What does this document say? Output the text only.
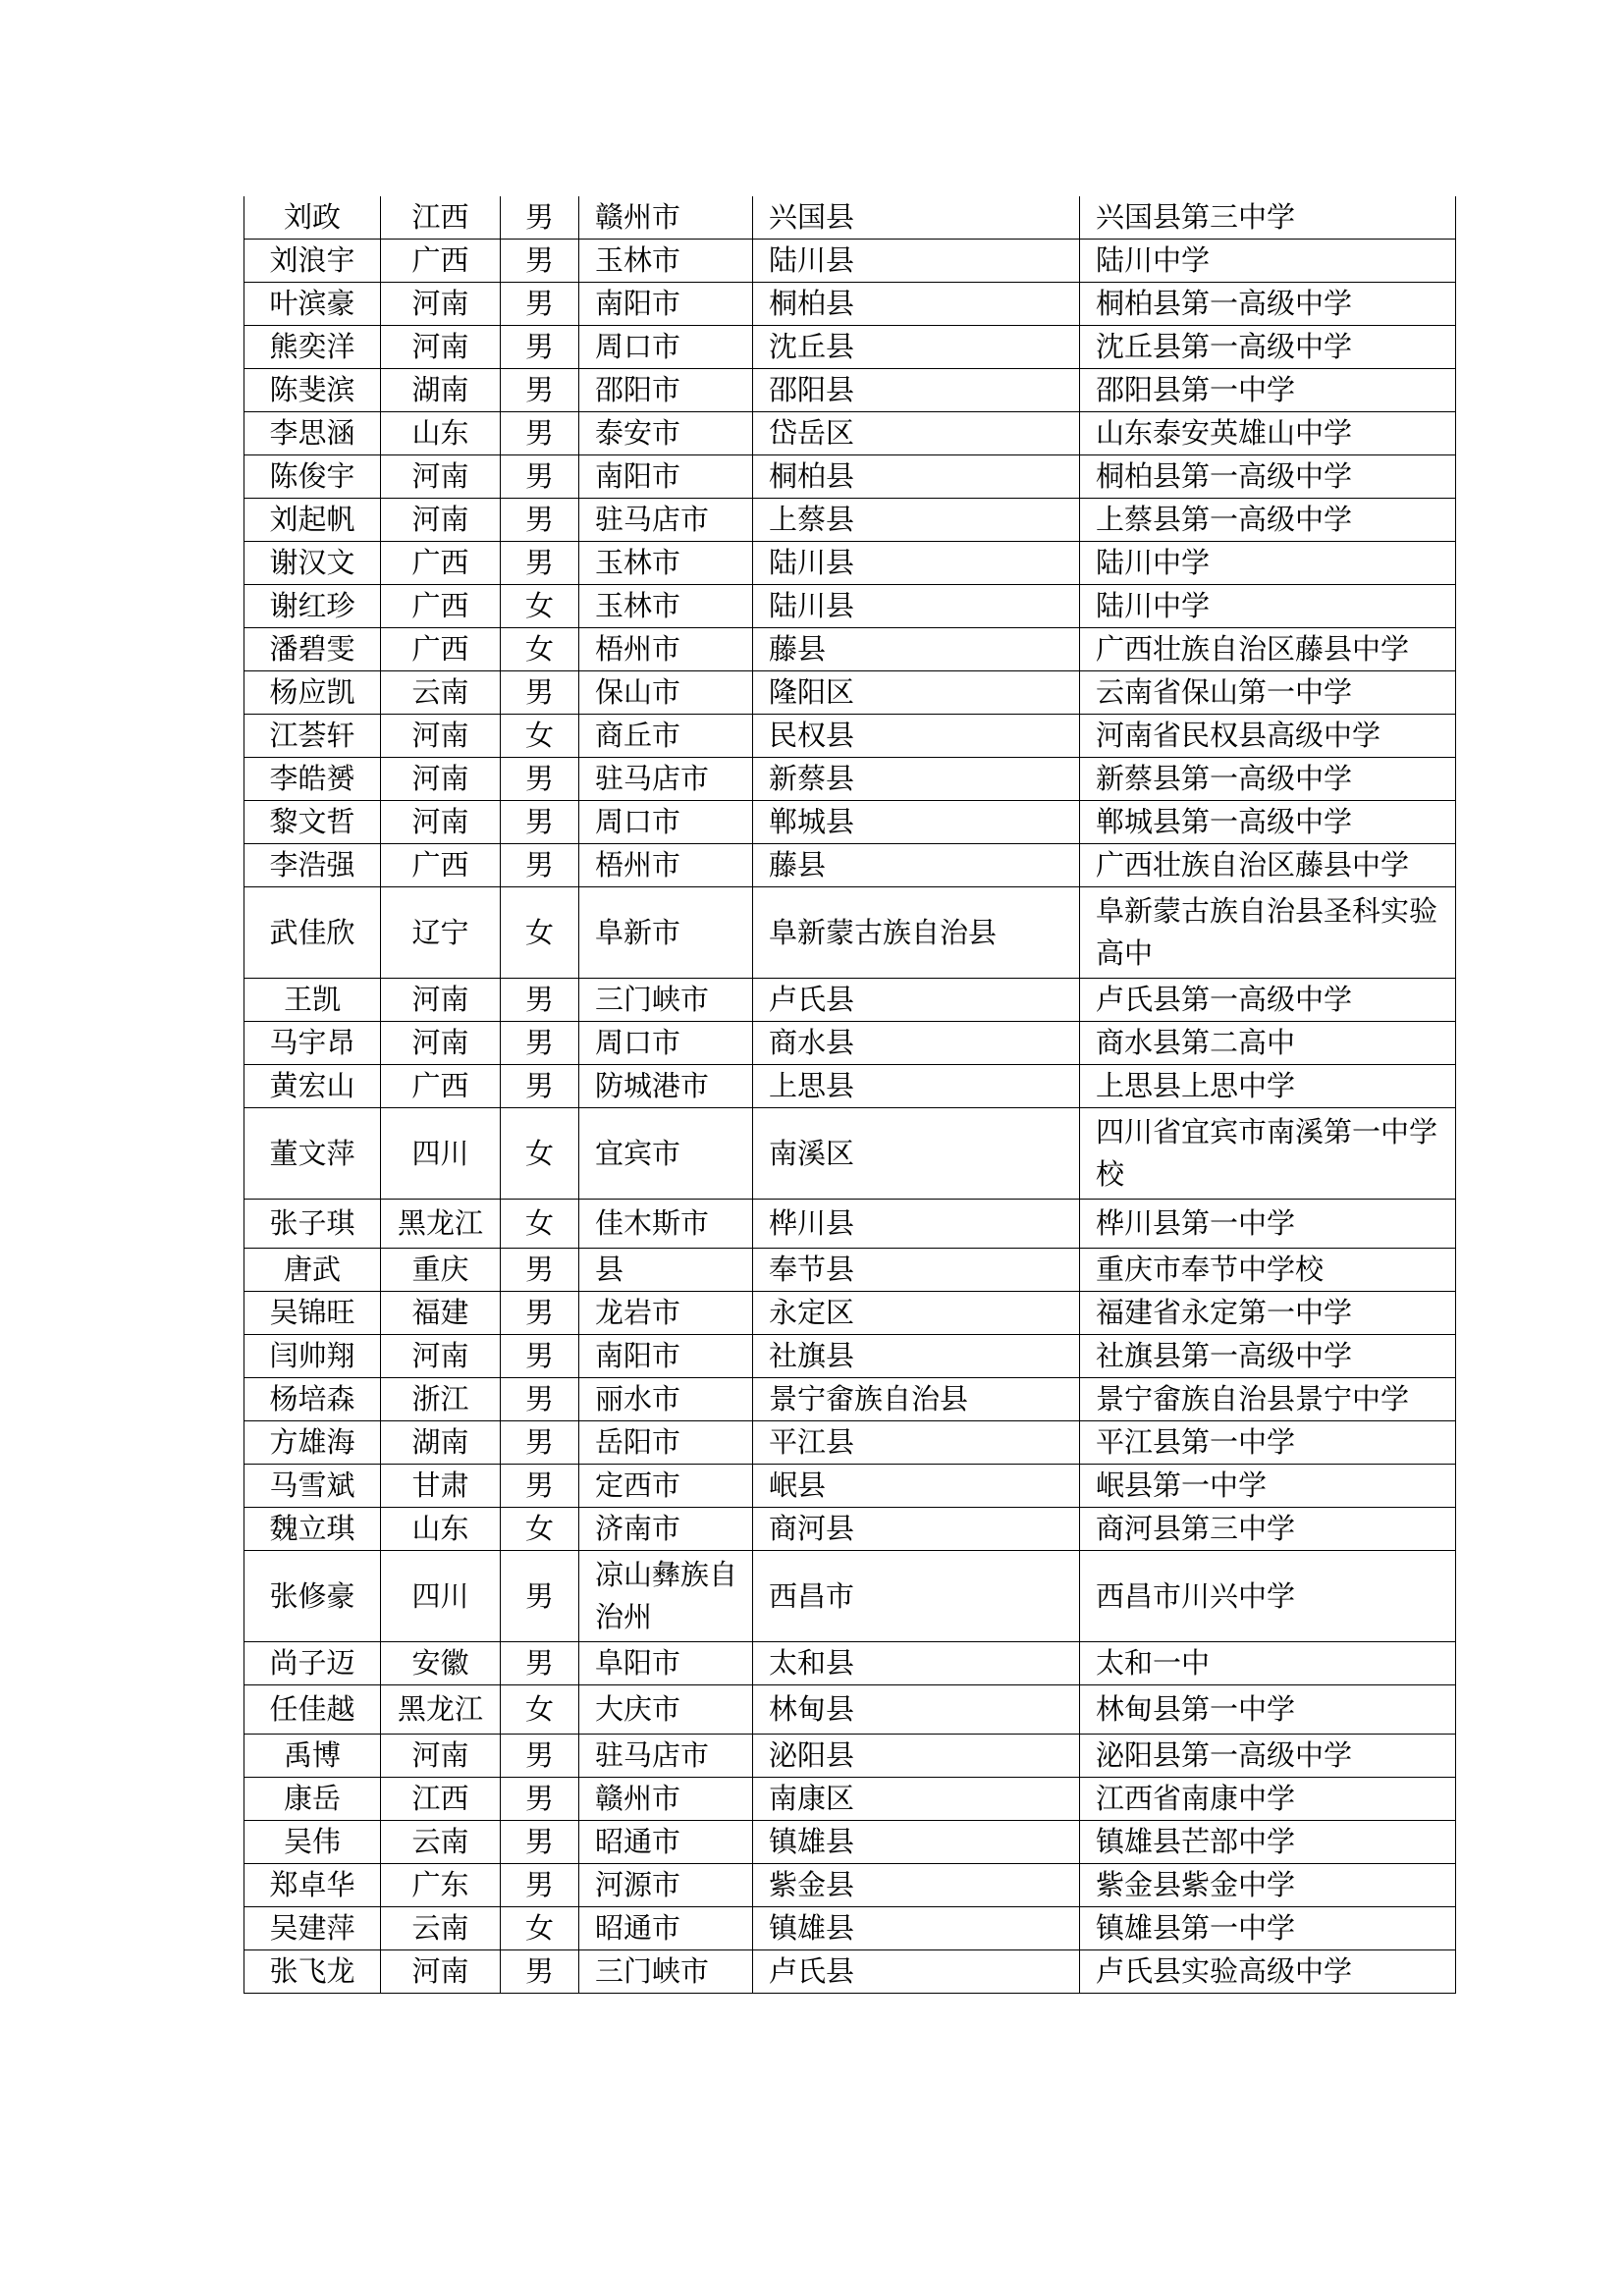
刘政	江西	男	赣州市	兴国县	兴国县第三中学
刘浪宇	广西	男	玉林市	陆川县	陆川中学
叶滨豪	河南	男	南阳市	桐柏县	桐柏县第一高级中学
熊奕洋	河南	男	周口市	沈丘县	沈丘县第一高级中学
陈斐滨	湖南	男	邵阳市	邵阳县	邵阳县第一中学
李思涵	山东	男	泰安市	岱岳区	山东泰安英雄山中学
陈俊宇	河南	男	南阳市	桐柏县	桐柏县第一高级中学
刘起帆	河南	男	驻马店市	上蔡县	上蔡县第一高级中学
谢汉文	广西	男	玉林市	陆川县	陆川中学
谢红珍	广西	女	玉林市	陆川县	陆川中学
潘碧雯	广西	女	梧州市	藤县	广西壮族自治区藤县中学
杨应凯	云南	男	保山市	隆阳区	云南省保山第一中学
江荟轩	河南	女	商丘市	民权县	河南省民权县高级中学
李皓赟	河南	男	驻马店市	新蔡县	新蔡县第一高级中学
黎文哲	河南	男	周口市	郸城县	郸城县第一高级中学
李浩强	广西	男	梧州市	藤县	广西壮族自治区藤县中学
武佳欣	辽宁	女	阜新市	阜新蒙古族自治县	阜新蒙古族自治县圣科实验高中
王凯	河南	男	三门峡市	卢氏县	卢氏县第一高级中学
马宇昂	河南	男	周口市	商水县	商水县第二高中
黄宏山	广西	男	防城港市	上思县	上思县上思中学
董文萍	四川	女	宜宾市	南溪区	四川省宜宾市南溪第一中学校
张子琪	黑龙江	女	佳木斯市	桦川县	桦川县第一中学
唐武	重庆	男	县	奉节县	重庆市奉节中学校
吴锦旺	福建	男	龙岩市	永定区	福建省永定第一中学
闫帅翔	河南	男	南阳市	社旗县	社旗县第一高级中学
杨培森	浙江	男	丽水市	景宁畲族自治县	景宁畲族自治县景宁中学
方雄海	湖南	男	岳阳市	平江县	平江县第一中学
马雪斌	甘肃	男	定西市	岷县	岷县第一中学
魏立琪	山东	女	济南市	商河县	商河县第三中学
张修豪	四川	男	凉山彝族自治州	西昌市	西昌市川兴中学
尚子迈	安徽	男	阜阳市	太和县	太和一中
任佳越	黑龙江	女	大庆市	林甸县	林甸县第一中学
禹博	河南	男	驻马店市	泌阳县	泌阳县第一高级中学
康岳	江西	男	赣州市	南康区	江西省南康中学
吴伟	云南	男	昭通市	镇雄县	镇雄县芒部中学
郑卓华	广东	男	河源市	紫金县	紫金县紫金中学
吴建萍	云南	女	昭通市	镇雄县	镇雄县第一中学
张飞龙	河南	男	三门峡市	卢氏县	卢氏县实验高级中学
